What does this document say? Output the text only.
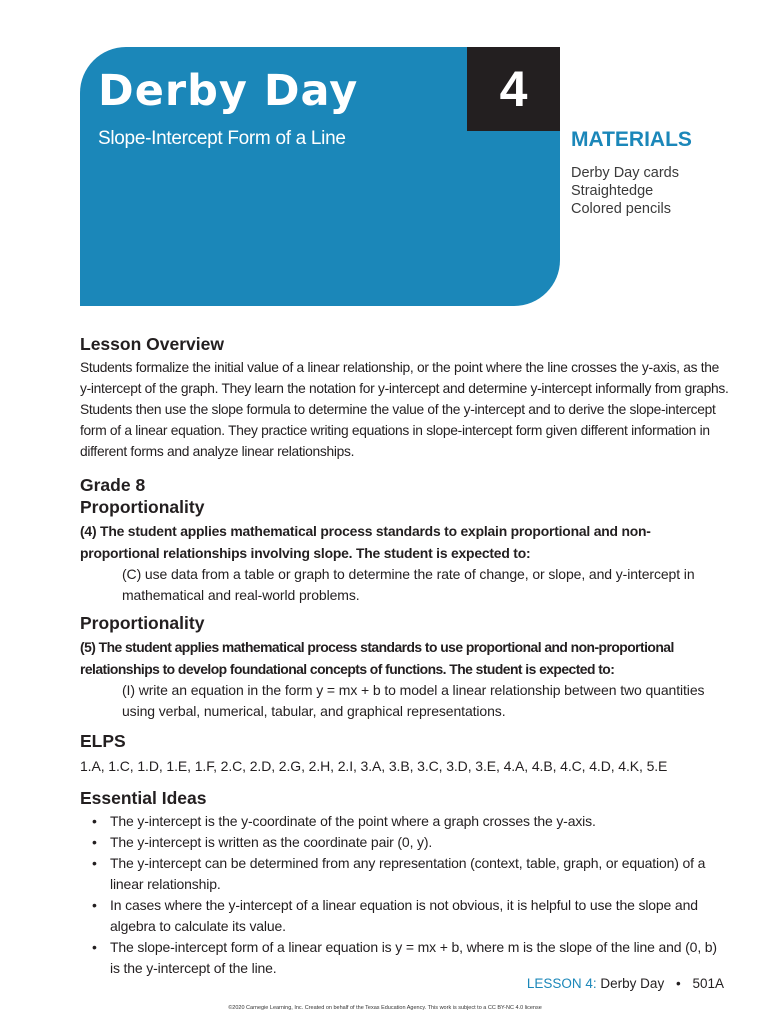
Derby Day
Slope-Intercept Form of a Line
4
MATERIALS
Derby Day cards
Straightedge
Colored pencils
Lesson Overview

Students formalize the initial value of a linear relationship, or the point where the line crosses the y-axis, as the y-intercept of the graph. They learn the notation for y-intercept and determine y-intercept informally from graphs. Students then use the slope formula to determine the value of the y-intercept and to derive the slope-intercept form of a linear equation. They practice writing equations in slope-intercept form given different information in different forms and analyze linear relationships.

Grade 8
Proportionality

(4) The student applies mathematical process standards to explain proportional and non-proportional relationships involving slope. The student is expected to:

(C) use data from a table or graph to determine the rate of change, or slope, and y-intercept in mathematical and real-world problems.

Proportionality

(5) The student applies mathematical process standards to use proportional and non-proportional relationships to develop foundational concepts of functions. The student is expected to:

(I) write an equation in the form y = mx + b to model a linear relationship between two quantities using verbal, numerical, tabular, and graphical representations.

ELPS

1.A, 1.C, 1.D, 1.E, 1.F, 2.C, 2.D, 2.G, 2.H, 2.I, 3.A, 3.B, 3.C, 3.D, 3.E, 4.A, 4.B, 4.C, 4.D, 4.K, 5.E

Essential Ideas
• The y-intercept is the y-coordinate of the point where a graph crosses the y-axis.
• The y-intercept is written as the coordinate pair (0, y).
• The y-intercept can be determined from any representation (context, table, graph, or equation) of a linear relationship.
• In cases where the y-intercept of a linear equation is not obvious, it is helpful to use the slope and algebra to calculate its value.
• The slope-intercept form of a linear equation is y = mx + b, where m is the slope of the line and (0, b) is the y-intercept of the line.
LESSON 4: Derby Day • 501A
©2020 Carnegie Learning, Inc. Created on behalf of the Texas Education Agency. This work is subject to a CC BY-NC 4.0 license
